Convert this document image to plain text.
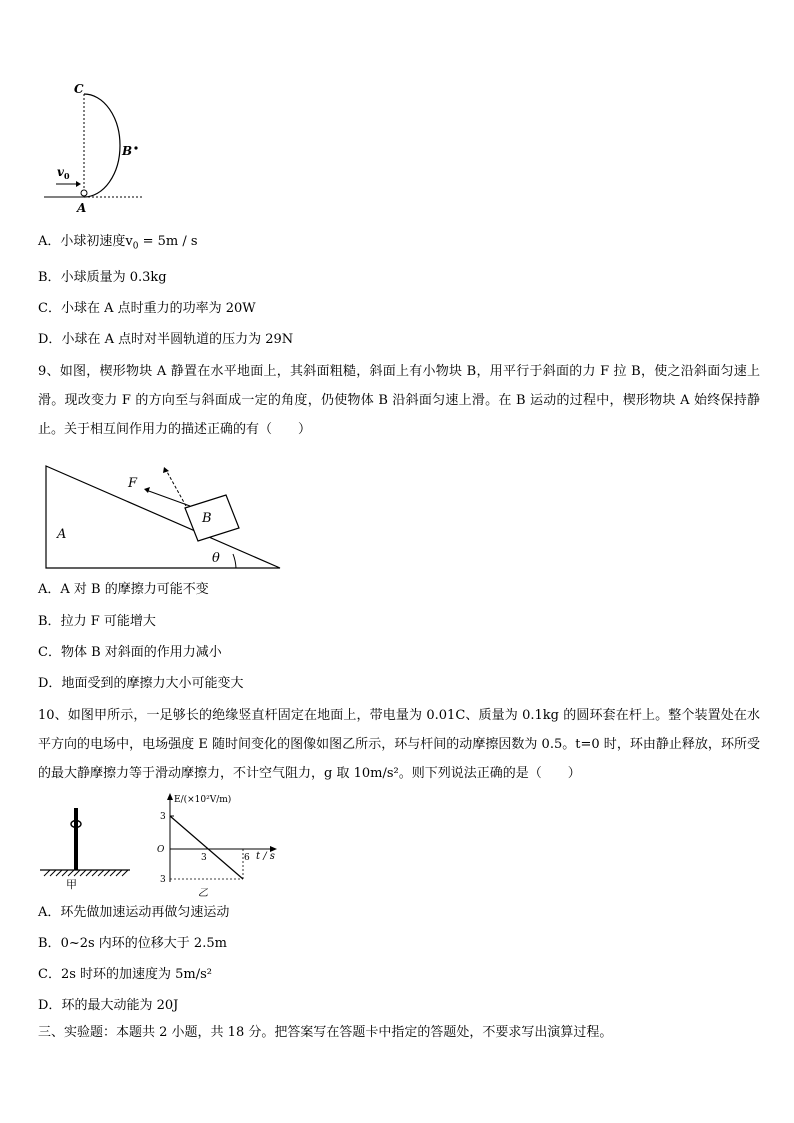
C
B
A
$v_0$
A．小球初速度$v_0 = 5m / s$
B．小球质量为 0.3kg
C．小球在 A 点时重力的功率为 20W
D．小球在 A 点时对半圆轨道的压力为 29N
9、如图，楔形物块 A 静置在水平地面上，其斜面粗糙，斜面上有小物块 B，用平行于斜面的力 F 拉 B，使之沿斜面匀速上滑。现改变力 F 的方向至与斜面成一定的角度，仍使物体 B 沿斜面匀速上滑。在 B 运动的过程中，楔形物块 A 始终保持静止。关于相互间作用力的描述正确的有（　　）
F
B
A
θ
A．A 对 B 的摩擦力可能不变
B．拉力 F 可能增大
C．物体 B 对斜面的作用力减小
D．地面受到的摩擦力大小可能变大
10、如图甲所示，一足够长的绝缘竖直杆固定在地面上，带电量为 0.01C、质量为 0.1kg 的圆环套在杆上。整个装置处在水平方向的电场中，电场强度 E 随时间变化的图像如图乙所示，环与杆间的动摩擦因数为 0.5。t=0 时，环由静止释放，环所受的最大静摩擦力等于滑动摩擦力，不计空气阻力，g 取 10m/s²。则下列说法正确的是（　　）
甲
E/(×10²V/m)
t / s
O
3
3	6
3
乙
A．环先做加速运动再做匀速运动
B．0~2s 内环的位移大于 2.5m
C．2s 时环的加速度为 5m/s²
D．环的最大动能为 20J
三、实验题：本题共 2 小题，共 18 分。把答案写在答题卡中指定的答题处，不要求写出演算过程。
